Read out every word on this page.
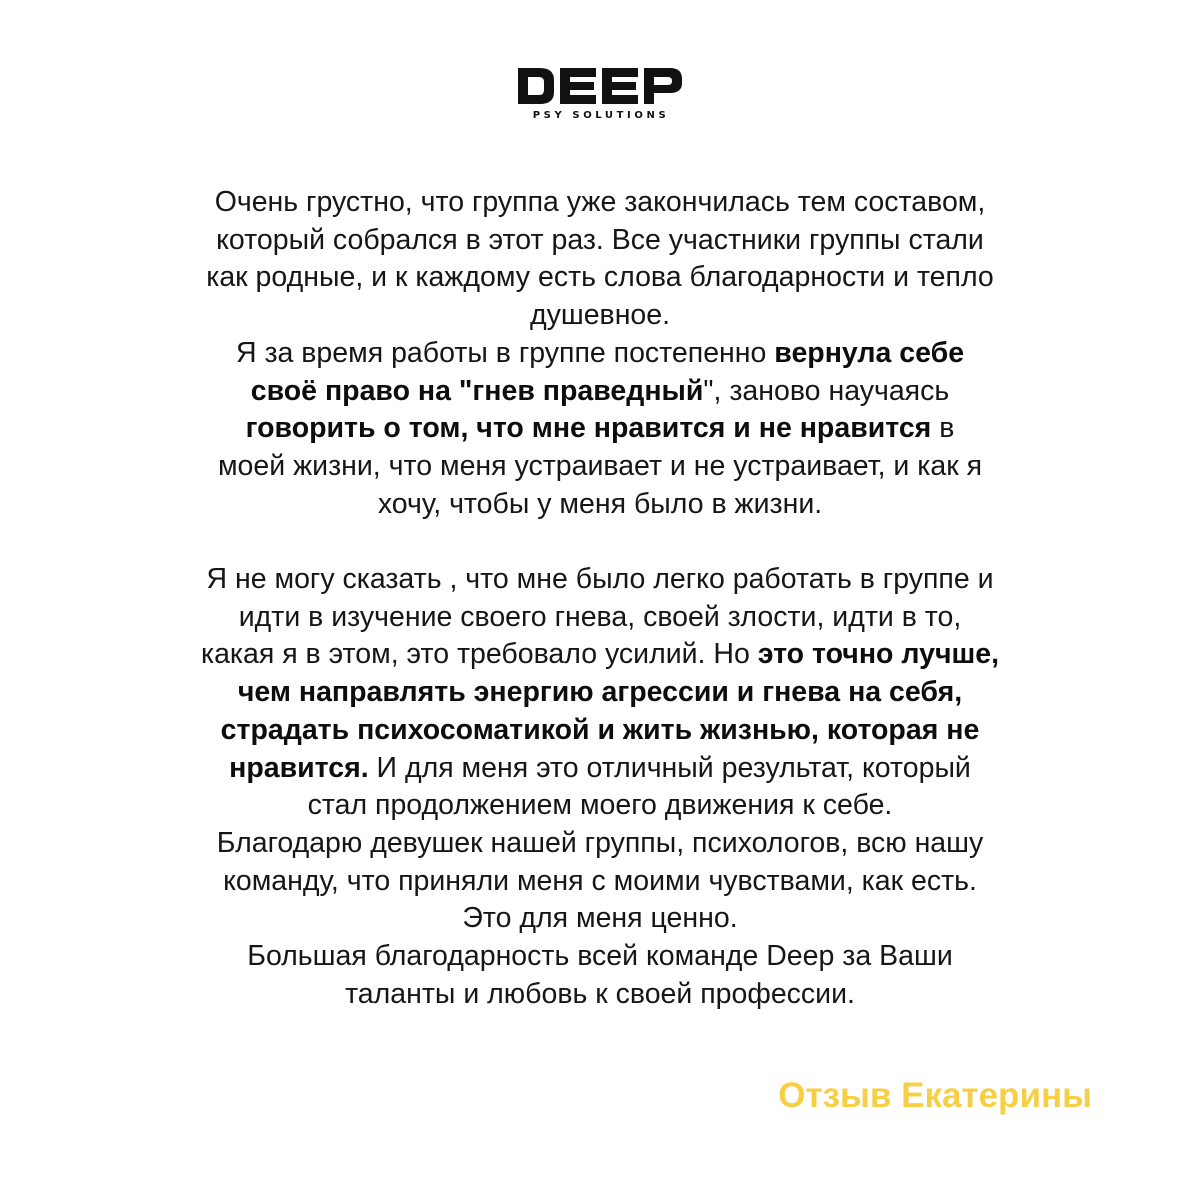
PSY SOLUTIONS
Очень грустно, что группа уже закончилась тем составом,
который собрался в этот раз. Все участники группы стали
как родные, и к каждому есть слова благодарности и тепло
душевное.
Я за время работы в группе постепенно вернула себе
своё право на "гнев праведный", заново научаясь
говорить о том, что мне нравится и не нравится в
моей жизни, что меня устраивает и не устраивает, и как я
хочу, чтобы у меня было в жизни.
Я не могу сказать , что мне было легко работать в группе и
идти в изучение своего гнева, своей злости, идти в то,
какая я в этом, это требовало усилий. Но это точно лучше,
чем направлять энергию агрессии и гнева на себя,
страдать психосоматикой и жить жизнью, которая не
нравится. И для меня это отличный результат, который
стал продолжением моего движения к себе.
Благодарю девушек нашей группы, психологов, всю нашу
команду, что приняли меня с моими чувствами, как есть.
Это для меня ценно.
Большая благодарность всей команде Deep за Ваши
таланты и любовь к своей профессии.
Отзыв Екатерины
